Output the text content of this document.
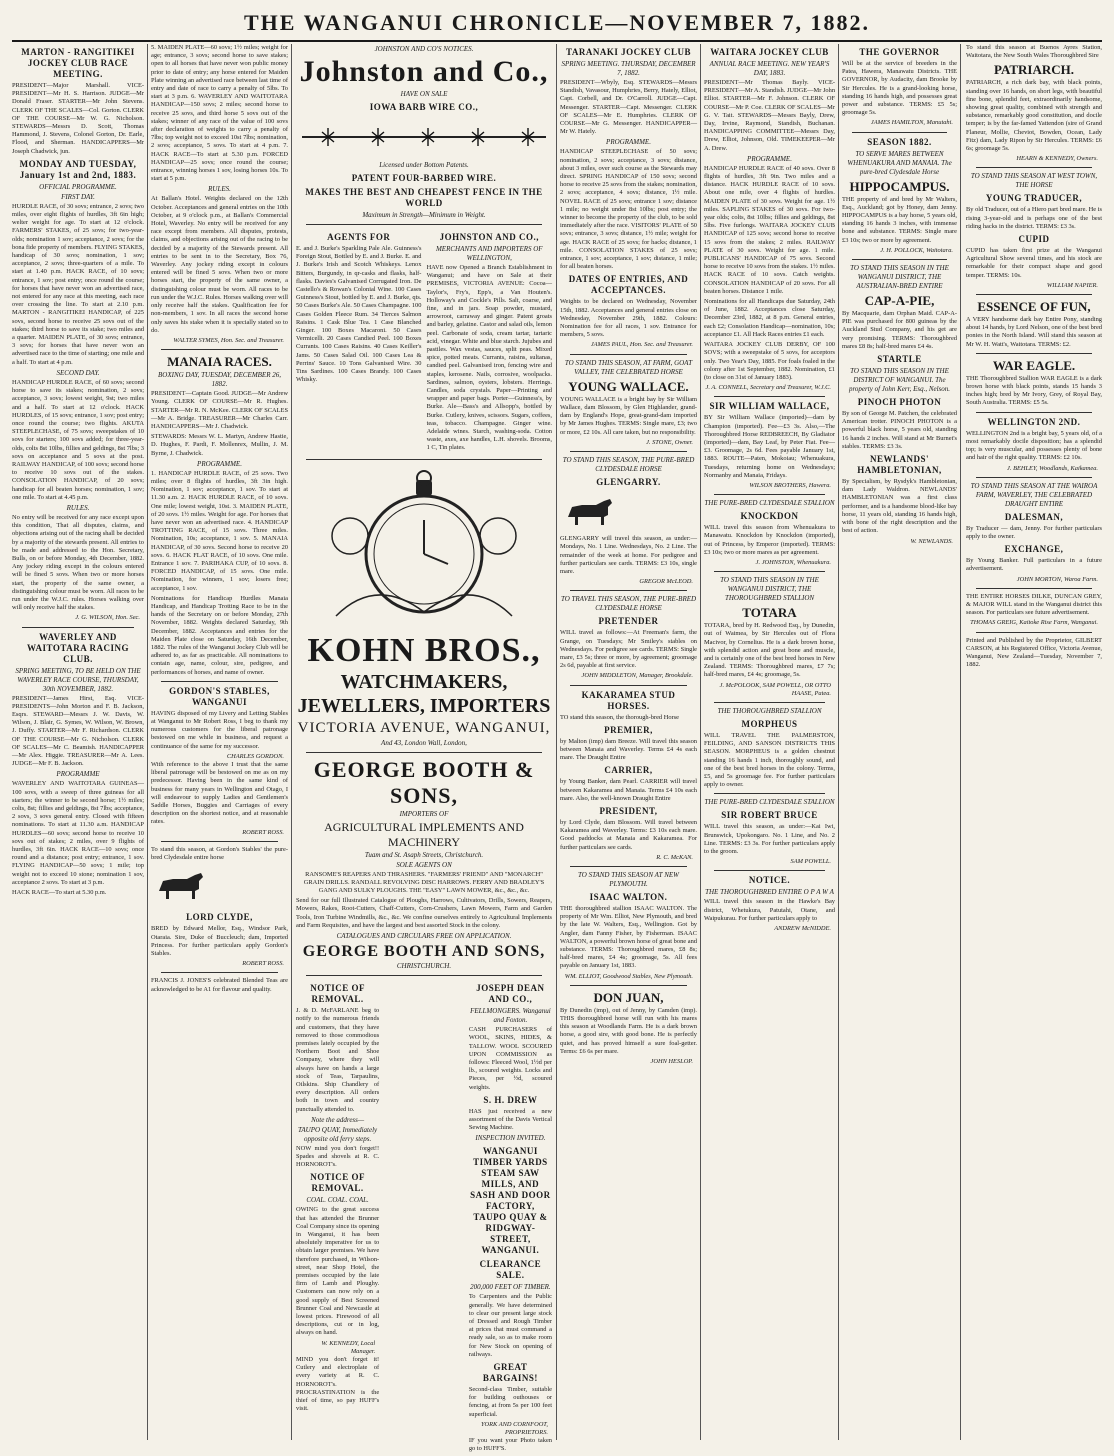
THE WANGANUI CHRONICLE—NOVEMBER 7, 1882.
MARTON - RANGITIKEI JOCKEY CLUB RACE MEETING.

PRESIDENT—Major Marshall. VICE-PRESIDENT—Mr H. S. Harrison. JUDGE—Mr Donald Fraser. STARTER—Mr John Stevens. CLERK OF THE SCALES—Col. Gorton. CLERK OF THE COURSE—Mr W. G. Nicholson. STEWARDS—Messrs D. Scott, Thomas Hammond, J. Stevens, Colonel Gorton, Dr. Earle, Flood, and Sherman. HANDICAPPERS—Mr Joseph Chadwick, jun.

MONDAY AND TUESDAY, January 1st and 2nd, 1883.
OFFICIAL PROGRAMME.
FIRST DAY.

HURDLE RACE, of 30 sovs; entrance, 2 sovs; two miles, over eight flights of hurdles, 3ft 6in high; welter weight for age. To start at 12 o'clock. FARMERS' STAKES, of 25 sovs; for two-year-olds; nomination 1 sov; acceptance, 2 sovs; for the bona fide property of members. FLYING STAKES, handicap of 30 sovs; nomination, 1 sov; acceptance, 2 sovs; three-quarters of a mile. To start at 1.40 p.m. HACK RACE, of 10 sovs; entrance, 1 sov; post entry; once round the course; for horses that have never won an advertised race, not entered for any race at this meeting, each race over crossing the line. To start at 2.10 p.m. MARTON - RANGITIKEI HANDICAP, of 225 sovs, second horse to receive 25 sovs out of the stakes; third horse to save its stake; two miles and a quarter. MAIDEN PLATE, of 30 sovs; entrance, 3 sovs; for horses that have never won an advertised race to the time of starting; one mile and a half. To start at 4 p.m.

SECOND DAY.

HANDICAP HURDLE RACE, of 60 sovs; second horse to save its stakes; nomination, 2 sovs; acceptance, 3 sovs; lowest weight, 9st; two miles and a half. To start at 12 o'clock. HACK HURDLES, of 15 sovs; entrance, 1 sov; post entry; once round the course; two flights. AKUTA STEEPLECHASE, of 75 sovs; sweepstakes of 10 sovs for starters; 100 sovs added; for three-year-olds, colts 8st 10lbs, fillies and geldings, 8st 7lbs; 3 sovs on acceptance and 5 sovs at the post. RAILWAY HANDICAP, of 100 sovs; second horse to receive 10 sovs out of the stakes. CONSOLATION HANDICAP, of 20 sovs; handicap for all beaten horses; nomination, 1 sov; one mile. To start at 4.45 p.m.

RULES.

No entry will be received for any race except upon this condition, That all disputes, claims, and objections arising out of the racing shall be decided by a majority of the stewards present. All entries to be made and addressed to the Hon. Secretary, Bulls, on or before Monday, 4th December, 1882. Any jockey riding except in the colours entered will be fined 5 sovs. When two or more horses start, the property of the same owner, a distinguishing colour must be worn. All races to be run under the W.J.C. rules. Horses walking over will only receive half the stakes.

J. G. WILSON, Hon. Sec.
WAVERLEY AND WAITOTARA RACING CLUB.
SPRING MEETING, TO BE HELD ON THE WAVERLEY RACE COURSE, THURSDAY, 30th NOVEMBER, 1882.

PRESIDENT—James Hirst, Esq. VICE-PRESIDENTS—John Morton and F. B. Jackson, Esqrs. STEWARD—Messrs J. W. Davis, W. Wilson, J. Blair, G. Symes, W. Wilson, W. Brown, J. Duffy. STARTER—Mr F. Richardson. CLERK OF THE COURSE—Mr G. Nicholson. CLERK OF SCALES—Mr C. Beamish. HANDICAPPER—Mr Alex. Higgie. TREASURER—Mr A. Lees. JUDGE—Mr F. B. Jackson.

PROGRAMME

WAVERLEY AND WAITOTARA GUINEAS—100 sovs, with a sweep of three guineas for all starters; the winner to be second horse; 1½ miles; colts, 8st; fillies and geldings, 8st 7lbs; acceptance, 2 sovs, 3 sovs general entry. Closed with fifteen nominations. To start at 11.30 a.m. HANDICAP HURDLES—60 sovs; second horse to receive 10 sovs out of stakes; 2 miles, over 9 flights of hurdles, 3ft 6in. HACK RACE—10 sovs; once round and a distance; post entry; entrance, 1 sov. FLYING HANDICAP—50 sovs; 1 mile; top weight not to exceed 10 stone; nomination 1 sov, acceptance 2 sovs. To start at 3 p.m.

HACK RACE—To start at 5.30 p.m.

5. MAIDEN PLATE—60 sovs; 1½ miles; weight for age; entrance, 3 sovs; second horse to save stakes; open to all horses that have never won public money prior to date of entry; any horse entered for Maiden Plate winning an advertised race between last time of entry and date of race to carry a penalty of 5lbs. To start at 3 p.m. 6. WAVERLEY AND WAITOTARA HANDICAP—150 sovs; 2 miles; second horse to receive 25 sovs, and third horse 5 sovs out of the stakes; winner of any race of the value of 100 sovs after declaration of weights to carry a penalty of 7lbs; top weight not to exceed 10st 7lbs; nomination, 2 sovs; acceptance, 5 sovs. To start at 4 p.m. 7. HACK RACE—To start at 5.30 p.m. FORCED HANDICAP—25 sovs; once round the course; entrance, winning horses 1 sov, losing horses 10s. To start at 5 p.m.

RULES.

At Ballan's Hotel. Weights declared on the 12th October. Acceptances and general entries on the 10th October, at 9 o'clock p.m., at Ballan's Commercial Hotel, Waverley. No entry will be received for any race except from members. All disputes, protests, claims, and objections arising out of the racing to be decided by a majority of the Stewards present. All entries to be sent in to the Secretary, Box 76, Waverley. Any jockey riding except in colours entered will be fined 5 sovs. When two or more horses start, the property of the same owner, a distinguishing colour must be worn. All races to be run under the W.J.C. Rules. Horses walking over will only receive half the stakes. Qualification fee for non-members, 1 sov. In all races the second horse only saves his stake when it is specially stated so to do.

WALTER SYMES, Hon. Sec. and Treasurer.
MANAIA RACES.
BOXING DAY, TUESDAY, DECEMBER 26, 1882.

PRESIDENT—Captain Good. JUDGE—Mr Andrew Young. CLERK OF COURSE—Mr R. Hughes. STARTER—Mr R. N. McKee. CLERK OF SCALES—Mr A. Bridge. TREASURER—Mr Charles Carr. HANDICAPPERS—Mr J. Chadwick.

STEWARDS: Messrs W. L. Martyn, Andrew Hastie, D. Hughes, F. Pardi, F. Mollenrex, Mullin, J. M. Byrne, J. Chadwick.

PROGRAMME.

1. HANDICAP HURDLE RACE, of 25 sovs. Two miles; over 8 flights of hurdles, 3ft 3in high. Nomination, 1 sov; acceptance, 1 sov. To start at 11.30 a.m. 2. HACK HURDLE RACE, of 10 sovs. One mile; lowest weight, 10st. 3. MAIDEN PLATE, of 20 sovs. 1½ miles. Weight for age. For horses that have never won an advertised race. 4. HANDICAP TROTTING RACE, of 15 sovs. Three miles. Nomination, 10s; acceptance, 1 sov. 5. MANAIA HANDICAP, of 30 sovs. Second horse to receive 20 sovs. 6. HACK FLAT RACE, of 10 sovs. One mile. Entrance 1 sov. 7. PARIHAKA CUP, of 10 sovs. 8. FORCED HANDICAP, of 15 sovs. One mile. Nomination, for winners, 1 sov; losers free; acceptance, 1 sov.

Nominations for Handicap Hurdles Manaia Handicap, and Handicap Trotting Race to be in the hands of the Secretary on or before Monday, 27th November, 1882. Weights declared Saturday, 9th December, 1882. Acceptances and entries for the Maiden Plate close on Saturday, 16th December, 1882. The rules of the Wanganui Jockey Club will be adhered to, as far as practicable. All nominations to contain age, name, colour, sire, pedigree, and performances of horses, and name of owner.

GORDON'S STABLES, WANGANUI

HAVING disposed of my Livery and Letting Stables at Wanganui to Mr Robert Ross, I beg to thank my numerous customers for the liberal patronage bestowed on me while in business, and request a continuance of the same for my successor.

CHARLES GORDON.

With reference to the above I trust that the same liberal patronage will be bestowed on me as on my predecessor. Having been in the same kind of business for many years in Wellington and Otago, I will endeavour to supply Ladies and Gentlemen's Saddle Horses, Buggies and Carriages of every description on the shortest notice, and at reasonable rates.

ROBERT ROSS.

To stand this season, at Gordon's Stables' the pure-bred Clydesdale entire horse

LORD CLYDE,

BRED by Edward Mellor, Esq., Windsor Park, Otaraia. Sire, Duke of Buccleuch; dam, Imported Princess. For further particulars apply Gordon's Stables.

ROBERT ROSS.

FRANCIS J. JONES'S celebrated Blended Teas are acknowledged to be A1 for flavour and quality.

JOHNSTON AND CO'S NOTICES.
Johnston and Co.,
HAVE ON SALE
IOWA BARB WIRE CO.,
Licensed under Bottom Patents.
PATENT FOUR-BARBED WIRE.
MAKES THE BEST AND CHEAPEST FENCE IN THE WORLD
Maximum in Strength—Minimum in Weight.
AGENTS FOR

E. and J. Burke's Sparkling Pale Ale. Guinness's Foreign Stout, Bottled by E. and J. Burke. E. and J. Burke's Irish and Scotch Whiskeys. Lenox Bitters, Burgundy, in qr-casks and flasks, half-flasks. Davies's Galvanised Corrugated Iron. De Castello's & Rowan's Colonial Wine. 100 Cases Guinness's Stout, bottled by E. and J. Burke, qts. 50 Cases Burke's Ale. 50 Cases Champagne. 100 Cases Golden Fleece Rum. 34 Tierces Salmon Raisins. 1 Cask Blue Tea. 1 Case Blanched Ginger. 100 Boxes Macaroni. 50 Cases Vermicelli. 20 Cases Candied Peel. 100 Boxes Currants. 100 Cases Raisins. 40 Cases Keiller's Jams. 50 Cases Salad Oil. 100 Cases Lea & Perrins' Sauce. 10 Tons Galvanised Wire. 30 Tins Sardines. 100 Cases Brandy. 100 Cases Whisky.

JOHNSTON AND CO.,
MERCHANTS AND IMPORTERS OF WELLINGTON,

HAVE now Opened a Branch Establishment in Wanganui; and have on Sale at their PREMISES, VICTORIA AVENUE: Cocoa—Taylor's, Fry's, Epp's, a Van Houten's. Holloway's and Cockle's Pills. Salt, coarse, and fine, and in jars. Soap powder, mustard, arrowroot, carraway and ginger. Patent groats and barley, gelatine. Castor and salad oils, lemon peel. Carbonate of soda, cream tartar, tartaric acid, vinegar. White and blue starch. Jujubes and pastiles. Wax vestas, sauces, split peas. Mixed spice, potted meats. Currants, raisins, sultanas, candied peel. Galvanised iron, fencing wire and staples, kerosene. Nails, corrosive, woolpacks. Sardines, salmon, oysters, lobsters. Herrings. Candles, soda crystals. Paper—Printing and wrapper and paper bags. Porter—Guinness's, by Burke. Ale—Bass's and Allsopp's, bottled by Burke. Cutlery, knives, scissors. Sugars, coffees, teas, tobacco. Champagne. Ginger wine. Adelaide wines. Starch, washing-soda. Cotton waste, axes, axe handles, L.H. shovels. Brooms, 1 C, Tin plates.

KOHN BROS.,
WATCHMAKERS, JEWELLERS, IMPORTERS
VICTORIA AVENUE, WANGANUI,
And 43, London Wall, London,
GEORGE BOOTH & SONS,
IMPORTERS OF
AGRICULTURAL IMPLEMENTS AND MACHINERY
Tuam and St. Asaph Streets, Christchurch.
SOLE AGENTS ON

RANSOME'S REAPERS AND THRASHERS. "FARMERS' FRIEND" AND "MONARCH" GRAIN DRILLS. RANDALL REVOLVING DISC HARROWS. FERRY AND BRADLEY'S GANG AND SULKY PLOUGHS. THE "EASY" LAWN MOWER, &c., &c., &c.

Send for our full Illustrated Catalogue of Ploughs, Harrows, Cultivators, Drills, Sowers, Reapers, Mowers, Rakes, Root-Cutters, Chaff-Cutters, Corn-Crushers, Lawn Mowers, Farm and Garden Tools, Iron Turbine Windmills, &c., &c. We confine ourselves entirely to Agricultural Implements and Farm Requisites, and have the largest and best assorted Stock in the colony.

CATALOGUES AND CIRCULARS FREE ON APPLICATION.
GEORGE BOOTH AND SONS,
CHRISTCHURCH.
NOTICE OF REMOVAL.

J. & D. McFARLANE beg to notify to the numerous friends and customers, that they have removed to those commodious premises lately occupied by the Northern Boot and Shoe Company, where they will always have on hands a large stock of Teas, Tarpaulins, Oilskins. Ship Chandlery of every description. All orders both in town and country punctually attended to.

Note the address—
TAUPO QUAY, Immediately opposite old ferry steps.

NOW mind you don't forget!! Spades and shovels at R. C. HORNOROT's.

NOTICE OF REMOVAL.
COAL. COAL. COAL.

OWING to the great success that has attended the Brunner Coal Company since its opening in Wanganui, it has been absolutely imperative for us to obtain larger premises. We have therefore purchased, in Wilson-street, near Shop Hotel, the premises occupied by the late firm of Lamb and Ploughy. Customers can now rely on a good supply of Best Screened Brunner Coal and Newcastle at lowest prices. Firewood of all descriptions, cut or in log, always on hand.

W. KENNEDY, Local Manager.

MIND you don't forget it! Cutlery and electroplate of every variety at R. C. HORNOROT's. PROCRASTINATION is the thief of time, so pay HUFF's visit.

JOSEPH DEAN AND CO.,
FELLMONGERS. Wanganui and Foxton.

CASH PURCHASERS of WOOL, SKINS, HIDES, & TALLOW. WOOL SCOURED UPON COMMISSION as follows: Fleeced Wool, 1½d per lb., scoured weights. Locks and Pieces, per ½d, scoured weights.

S. H. DREW

HAS just received a new assortment of the Davis Vertical Sewing Machine.

INSPECTION INVITED.
WANGANUI TIMBER YARDS STEAM SAW MILLS, AND SASH AND DOOR FACTORY, TAUPO QUAY & RIDGWAY-STREET, WANGANUI.
CLEARANCE SALE.
200,000 FEET OF TIMBER.

To Carpenters and the Public generally. We have determined to clear our present large stock of Dressed and Rough Timber at prices that must command a ready sale, so as to make room for New Stock on opening of railways.

GREAT BARGAINS!

Second-class Timber, suitable for building outhouses or fencing, at from 5s per 100 feet superficial.

YORK AND CORNFOOT, PROPRIETORS.

IF you want your Photo taken go to HUFF'S.

TARANAKI JOCKEY CLUB
SPRING MEETING. THURSDAY, DECEMBER 7, 1882.

PRESIDENT—Wbyly, Esq. STEWARDS—Messrs Standish, Vavasour, Humphries, Berry, Hately, Elliot, Capt. Corbell, and Dr. O'Carroll. JUDGE—Capt. Messenger. STARTER—Capt. Messenger. CLERK OF SCALES—Mr E. Humphries. CLERK OF COURSE—Mr G. Messenger. HANDICAPPER—Mr W. Hately.

PROGRAMME.

HANDICAP STEEPLECHASE of 50 sovs; nomination, 2 sovs; acceptance, 3 sovs; distance, about 3 miles, over such course as the Stewards may direct. SPRING HANDICAP of 150 sovs; second horse to receive 25 sovs from the stakes; nomination, 2 sovs; acceptance, 4 sovs; distance, 1½ mile. NOVEL RACE of 25 sovs; entrance 1 sov; distance 1 mile; no weight under 8st 10lbs; post entry; the winner to become the property of the club, to be sold immediately after the race. VISITORS' PLATE of 50 sovs; entrance, 3 sovs; distance, 1½ mile; weight for age. HACK RACE of 25 sovs; for hacks; distance, 1 mile. CONSOLATION STAKES of 25 sovs; entrance, 1 sov; acceptance, 1 sov; distance, 1 mile; for all beaten horses.

DATES OF ENTRIES, AND ACCEPTANCES.

Weights to be declared on Wednesday, November 15th, 1882. Acceptances and general entries close on Wednesday, November 29th, 1882. Colours: Nomination fee for all races, 1 sov. Entrance for members, 5 sovs.

JAMES PAUL, Hon. Sec. and Treasurer.
TO STAND THIS SEASON, AT FARM, GOAT VALLEY, THE CELEBRATED HORSE
YOUNG WALLACE.

YOUNG WALLACE is a bright bay by Sir William Wallace, dam Blossom, by Glen Highlander, grand-dam by England's Hope, great-grand-dam imported by Mr James Hughes. TERMS: Single mare, £3; two or more, £2 10s. All care taken, but no responsibility.

J. STONE, Owner.
TO STAND THIS SEASON, THE PURE-BRED CLYDESDALE HORSE
GLENGARRY.

GLENGARRY will travel this season, as under:—Mondays, No. 1 Line. Wednesdays, No. 2 Line. The remainder of the week at home. For pedigree and further particulars see cards. TERMS: £3 10s, single mare.

GREGOR McLEOD.
TO TRAVEL THIS SEASON, THE PURE-BRED CLYDESDALE HORSE
PRETENDER

WILL travel as follows:—At Freeman's farm, the Grange, on Tuesdays; Mr Smiley's stables on Wednesdays. For pedigree see cards. TERMS: Single mare, £3 5s; three or more, by agreement; groomage 2s 6d, payable at first service.

JOHN MIDDLETON, Manager, Brookdale.
KAKARAMEA STUD HORSES.

TO stand this season, the thorough-bred Horse

PREMIER,

by Malton (imp) dam Breeze. Will travel this season between Manaia and Waverley. Terms £4 4s each mare. The Draught Entire

CARRIER,

by Young Banker, dam Pearl. CARRIER will travel between Kakaramea and Manaia. Terms £4 10s each mare. Also, the well-known Draught Entire

PRESIDENT,

by Lord Clyde, dam Blossom. Will travel between Kakaramea and Waverley. Terms: £3 10s each mare. Good paddocks at Manaia and Kakaramea. For further particulars see cards.

R. C. McKAN.
TO STAND THIS SEASON AT NEW PLYMOUTH.
ISAAC WALTON.

THE thoroughbred stallion ISAAC WALTON. The property of Mr Wm. Elliot, New Plymouth, and bred by the late W. Walters, Esq., Wellington. Got by Angler, dam Fanny Fisher, by Fisherman. ISAAC WALTON, a powerful brown horse of great bone and substance. TERMS: Thoroughbred mares, £8 8s; half-bred mares, £4 4s; groomage, 5s. All fees payable on January 1st, 1883.

WM. ELLIOT, Goodwood Stables, New Plymouth.
DON JUAN,

By Dunedin (imp), out of Jenny, by Camden (imp). THIS thoroughbred horse will run with his mares this season at Woodlands Farm. He is a dark brown horse, a good sire, with good bone. He is perfectly quiet, and has proved himself a sure foal-getter. Terms: £6 6s per mare.

JOHN HESLOP.
WAITARA JOCKEY CLUB
ANNUAL RACE MEETING. NEW YEAR'S DAY, 1883.

PRESIDENT—Mr Thomas Bayly. VICE-PRESIDENT—Mr A. Standish. JUDGE—Mr John Elliot. STARTER—Mr F. Johnson. CLERK OF COURSE—Mr P. Coe. CLERK OF SCALES—Mr G. V. Tait. STEWARDS—Messrs Bayly, Drew, Day, Irvine, Raymond, Standish, Buchanan. HANDICAPPING COMMITTEE—Messrs Day, Drew, Elliot, Johnson, Old. TIMEKEEPER—Mr A. Drew.

PROGRAMME.

HANDICAP HURDLE RACE of 40 sovs. Over 8 flights of hurdles, 3ft 9in. Two miles and a distance. HACK HURDLE RACE of 10 sovs. About one mile, over 4 flights of hurdles. MAIDEN PLATE of 30 sovs. Weight for age. 1½ miles. SAPLING STAKES of 30 sovs. For two-year olds; colts, 8st 10lbs; fillies and geldings, 8st 5lbs. Five furlongs. WAITARA JOCKEY CLUB HANDICAP of 125 sovs; second horse to receive 15 sovs from the stakes; 2 miles. RAILWAY PLATE of 30 sovs. Weight for age. 1 mile. PUBLICANS' HANDICAP of 75 sovs. Second horse to receive 10 sovs from the stakes. 1½ miles. HACK RACE of 10 sovs. Catch weights. CONSOLATION HANDICAP of 20 sovs. For all beaten horses. Distance 1 mile.

Nominations for all Handicaps due Saturday, 24th of June, 1882. Acceptances close Saturday, December 23rd, 1882, at 8 p.m. General entries, each £2; Consolation Handicap—nomination, 10s; acceptance £1. All Hack Races entries £1 each.

WAITARA JOCKEY CLUB DERBY, OF 100 SOVS; with a sweepstake of 5 sovs, for acceptors only. Two Year's Day, 1885. For foals foaled in the colony after 1st September, 1882. Nomination, £1 (to close on 31st of January 1883).

J. A. CONNELL, Secretary and Treasurer, W.J.C.
SIR WILLIAM WALLACE,

BY Sir William Wallace (imported)—dam by Champion (imported). Fee—£3 3s. Also,—The Thoroughbred Horse REDBREECH, By Gladiator (imported)—dam, Bay Leaf, by Peter Fiat. Fee—£3. Groomage, 2s 6d. Fees payable January 1st, 1883. ROUTE—Paten, Mokoiau; Whenuakura, Tuesdays, returning home on Wednesdays; Normanby and Manaia, Fridays.

WILSON BROTHERS, Hawera.
THE PURE-BRED CLYDESDALE STALLION
KNOCKDON

WILL travel this season from Whenuakura to Manawatu. Knockdon by Knockdon (imported), out of Princess, by Emperor (imported). TERMS: £3 10s; two or more mares as per agreement.

J. JOHNSTON, Whenuakura.
TO STAND THIS SEASON IN THE WANGANUI DISTRICT, THE THOROUGHBRED STALLION
TOTARA

TOTARA, bred by H. Redwood Esq., by Dunedin, out of Waimea, by Sir Hercules out of Flora Macivor, by Cornelius. He is a dark brown horse, with splendid action and great bone and muscle, and is certainly one of the best bred horses in New Zealand. TERMS: Thoroughbred mares, £7 7s; half-bred mares, £4 4s; groomage, 5s.

J. McPOLOOK, SAM POWELL, OR OTTO HAASE, Patea.
THE THOROUGHBRED STALLION
MORPHEUS

WILL TRAVEL THE PALMERSTON, FEILDING, AND SANSON DISTRICTS THIS SEASON. MORPHEUS is a golden chestnut standing 16 hands 1 inch, thoroughly sound, and one of the best bred horses in the colony. Terms, £5, and 5s groomage fee. For further particulars apply to owner.

THE PURE-BRED CLYDESDALE STALLION
SIR ROBERT BRUCE

WILL travel this season, as under:—Kai Iwi, Brunswick, Upokongaro. No. 1 Line, and No. 2 Line. TERMS: £3 3s. For further particulars apply to the groom.

SAM POWELL.
NOTICE.
THE THOROUGHBRED ENTIRE O P A W A

WILL travel this season in the Hawke's Bay district, Whetukura, Patutahi, Otane, and Waipukurau. For further particulars apply to

ANDREW McNIDDE.
THE GOVERNOR

Will be at the service of breeders in the Patea, Hawera, Manawatu Districts. THE GOVERNOR, by Audacity, dam Brooke by Sir Hercules. He is a grand-looking horse, standing 16 hands high, and possesses great power and substance. TERMS: £5 5s; groomage 5s.

JAMES HAMILTON, Manutahi.
SEASON 1882.
TO SERVE MARES BETWEEN WHENUAKURA AND MANAIA. The pure-bred Clydesdale Horse
HIPPOCAMPUS.

THE property of and bred by Mr Walters, Esq., Auckland; got by Honey, dam Jenny. HIPPOCAMPUS is a bay horse, 5 years old, standing 16 hands 3 inches, with immense bone and substance. TERMS: Single mare £3 10s; two or more by agreement.

J. H. POLLOCK, Waitotara.
TO STAND THIS SEASON IN THE WANGANUI DISTRICT, THE AUSTRALIAN-BRED ENTIRE
CAP-A-PIE,

By Macquarie, dam Orphan Maid. CAP-A-PIE was purchased for 800 guineas by the Auckland Stud Company, and his get are very promising. TERMS: Thoroughbred mares £8 8s; half-bred mares £4 4s.

STARTLE
TO STAND THIS SEASON IN THE DISTRICT OF WANGANUI. The property of John Kerr, Esq., Nelson.
PINOCH PHOTON

By son of George M. Patchen, the celebrated American trotter. PINOCH PHOTON is a powerful black horse, 5 years old, standing 16 hands 2 inches. Will stand at Mr Burnet's stables. TERMS: £3 3s.

NEWLANDS' HAMBLETONIAN,

By Specialism, by Rysdyk's Hambletonian, dam Lady Waldron. NEWLANDS' HAMBLETONIAN was a first class performer, and is a handsome blood-like bay horse, 11 years old, standing 16 hands high, with bone of the right description and the best of action.

W. NEWLANDS.

To stand this season at Buenos Ayres Station, Waitotara, the New South Wales Thoroughbred Sire

PATRIARCH.

PATRIARCH, a rich dark bay, with black points, standing over 16 hands, on short legs, with beautiful fine bone, splendid feet, extraordinarily handsome, showing great quality, combined with strength and substance, remarkably good constitution, and docile temper; is by the far-famed Yattendon (sire of Grand Flaneur, Mollie, Cheviot, Bowden, Ocean, Lady Fitz) dam, Lady Ripon by Sir Hercules. TERMS: £6 6s; groomage 5s.

HEARN & KENNEDY, Owners.
TO STAND THIS SEASON AT WEST TOWN, THE HORSE
YOUNG TRADUCER,

By old Traducer, out of a Hiero part bred mare. He is rising 3-year-old and is perhaps one of the best riding hacks in the district. TERMS: £3 3s.

CUPID

CUPID has taken first prize at the Wanganui Agricultural Show several times, and his stock are remarkable for their compact shape and good temper. TERMS: 10s.

WILLIAM NAPIER.
ESSENCE OF FUN,

A VERY handsome dark bay Entire Pony, standing about 14 hands, by Lord Nelson, one of the best bred ponies in the North Island. Will stand this season at Mr W. H. Watt's, Waitotara. TERMS: £2.

WAR EAGLE.

THE Thoroughbred Stallion WAR EAGLE is a dark brown horse with black points, stands 15 hands 3 inches high; bred by Mr Ivory, Grey, of Royal Bay, South Australia. TERMS: £5 5s.

WELLINGTON 2ND.

WELLINGTON 2nd is a bright bay, 5 years old, of a most remarkably docile disposition; has a splendid top; is very muscular, and possesses plenty of bone and hair of the right quality. TERMS: £2 10s.

J. BEHLEY, Woodlands, Kaikamea.
TO STAND THIS SEASON AT THE WAIROA FARM, WAVERLEY, THE CELEBRATED DRAUGHT ENTIRE
DALESMAN,

By Traducer — dam, Jenny. For further particulars apply to the owner.

EXCHANGE,

By Young Banker. Full particulars in a future advertisement.

JOHN MORTON, Waroa Farm.

THE ENTIRE HORSES DILKE, DUNCAN GREY, & MAJOR WILL stand in the Wanganui district this season. For particulars see future advertisement.

THOMAS GREIG, Kaitoke Rise Farm, Wanganui.

Printed and Published by the Proprietor, GILBERT CARSON, at his Registered Office, Victoria Avenue, Wanganui, New Zealand—Tuesday, November 7, 1882.
